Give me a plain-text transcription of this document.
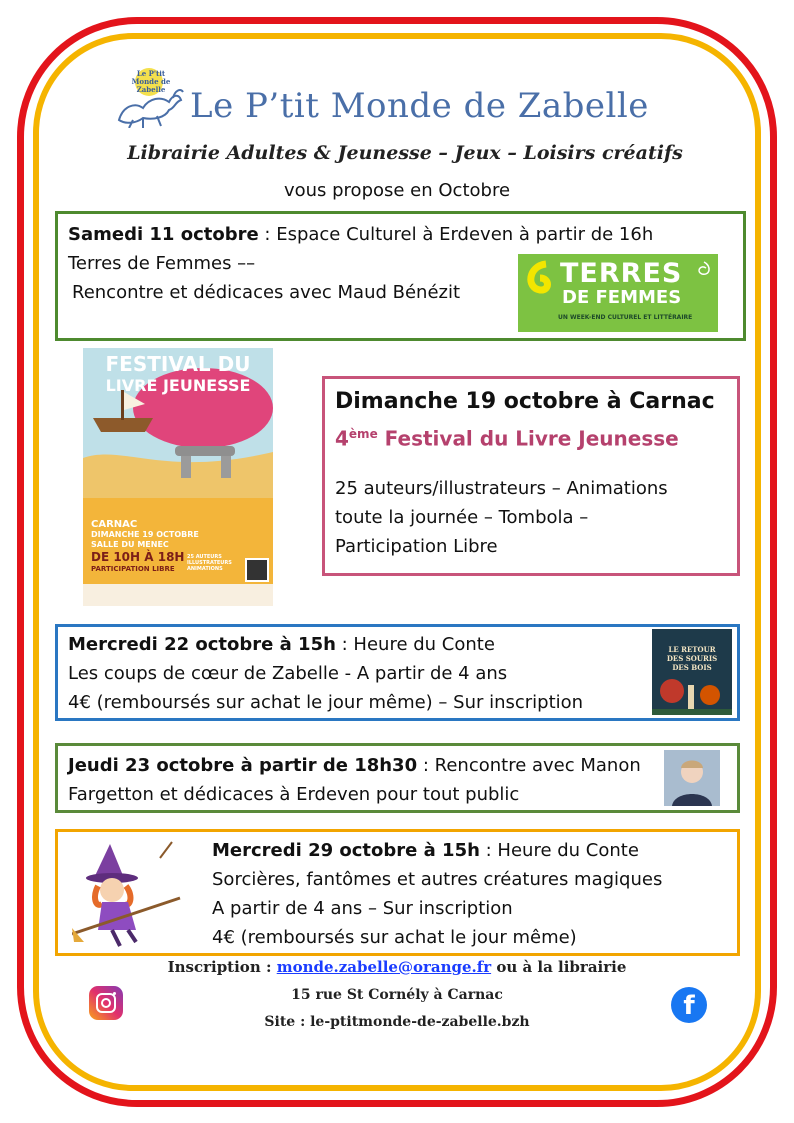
Le P'tit
Monde de
Zabelle Le P’tit Monde de Zabelle
Librairie Adultes & Jeunesse – Jeux – Loisirs créatifs
vous propose en Octobre
Samedi 11 octobre : Espace Culturel à Erdeven à partir de 16h
Terres de Femmes ––
Rencontre et dédicaces avec Maud Bénézit
TERRES
DE FEMMES
UN WEEK-END CULTUREL ET LITTÉRAIRE
FESTIVAL DU
LIVRE JEUNESSE
CARNAC
DIMANCHE 19 OCTOBRE
SALLE DU MENEC
DE 10H À 18H
PARTICIPATION LIBRE
25 AUTEURS
ILLUSTRATEURS
ANIMATIONS
Dimanche 19 octobre à Carnac
4ème Festival du Livre Jeunesse
25 auteurs/illustrateurs – Animations
toute la journée – Tombola –
Participation Libre
Mercredi 22 octobre à 15h : Heure du Conte
Les coups de cœur de Zabelle - A partir de 4 ans
4€ (remboursés sur achat le jour même) – Sur inscription
LE RETOUR
DES SOURIS
DES BOIS
Jeudi 23 octobre à partir de 18h30 : Rencontre avec Manon
Fargetton et dédicaces à Erdeven pour tout public
Mercredi 29 octobre à 15h : Heure du Conte
Sorcières, fantômes et autres créatures magiques
A partir de 4 ans – Sur inscription
4€ (remboursés sur achat le jour même)
Inscription : monde.zabelle@orange.fr ou à la librairie
15 rue St Cornély à Carnac
Site : le-ptitmonde-de-zabelle.bzh
f
